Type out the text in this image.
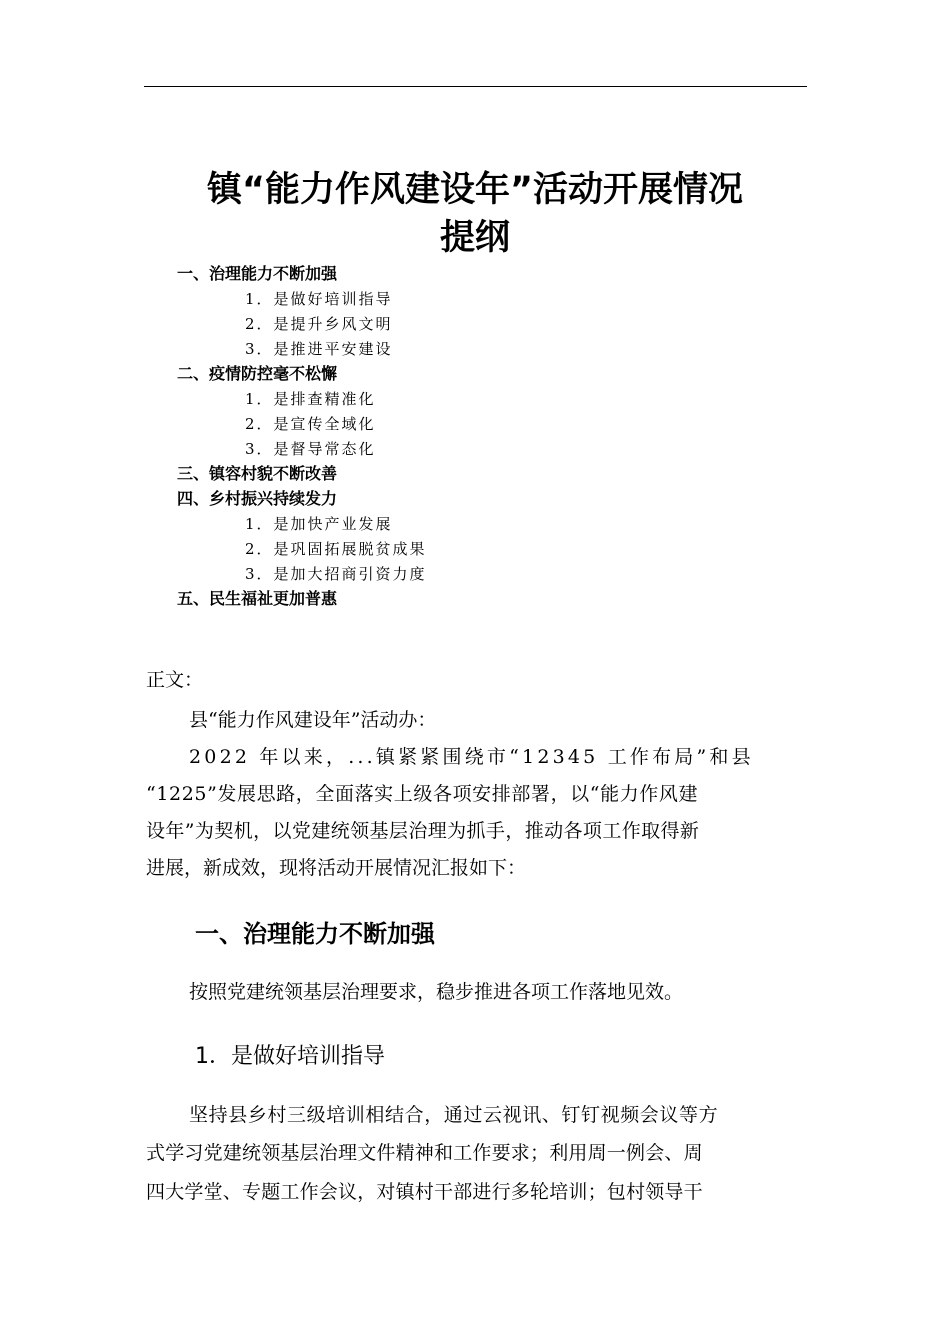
镇“能力作风建设年”活动开展情况
提纲
一、治理能力不断加强
1．是做好培训指导
2．是提升乡风文明
3．是推进平安建设
二、疫情防控毫不松懈
1．是排查精准化
2．是宣传全域化
3．是督导常态化
三、镇容村貌不断改善
四、乡村振兴持续发力
1．是加快产业发展
2．是巩固拓展脱贫成果
3．是加大招商引资力度
五、民生福祉更加普惠
正文：
县“能力作风建设年”活动办：
2022 年以来，...镇紧紧围绕市“12345 工作布局”和县
“1225”发展思路，全面落实上级各项安排部署，以“能力作风建
设年”为契机，以党建统领基层治理为抓手，推动各项工作取得新
进展，新成效，现将活动开展情况汇报如下：
一、治理能力不断加强
按照党建统领基层治理要求，稳步推进各项工作落地见效。
1．是做好培训指导
坚持县乡村三级培训相结合，通过云视讯、钉钉视频会议等方
式学习党建统领基层治理文件精神和工作要求；利用周一例会、周
四大学堂、专题工作会议，对镇村干部进行多轮培训；包村领导干
